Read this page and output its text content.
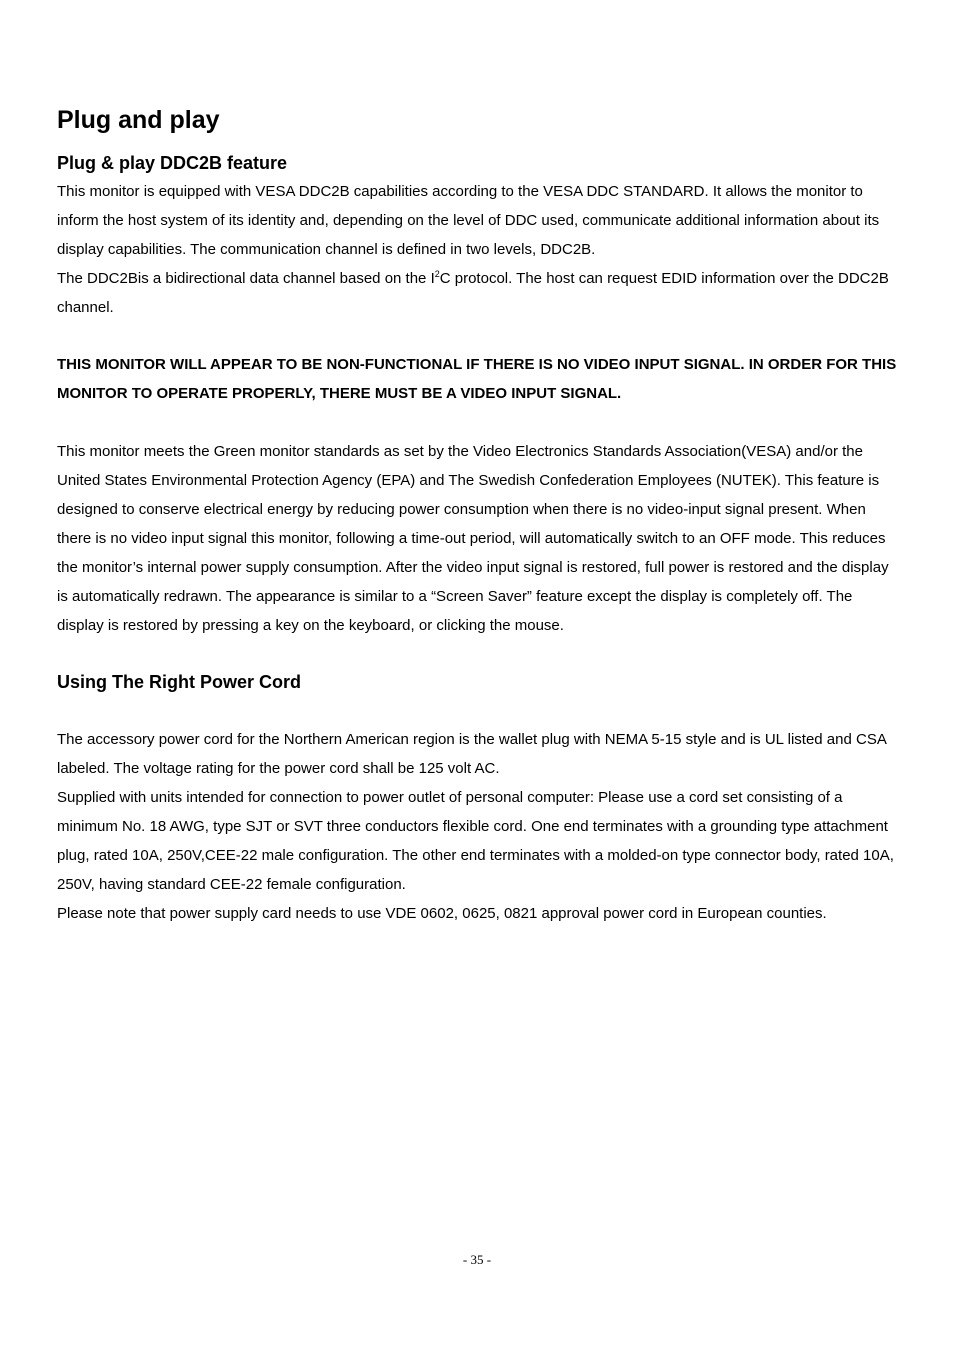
Plug and play
Plug & play DDC2B feature

This monitor is equipped with VESA DDC2B capabilities according to the VESA DDC STANDARD. It allows the monitor to inform the host system of its identity and, depending on the level of DDC used, communicate additional information about its display capabilities. The communication channel is defined in two levels, DDC2B.

The DDC2Bis a bidirectional data channel based on the $I^2C$ protocol. The host can request EDID information over the DDC2B channel.

THIS MONITOR WILL APPEAR TO BE NON-FUNCTIONAL IF THERE IS NO VIDEO INPUT SIGNAL. IN ORDER FOR THIS MONITOR TO OPERATE PROPERLY, THERE MUST BE A VIDEO INPUT SIGNAL.

This monitor meets the Green monitor standards as set by the Video Electronics Standards Association(VESA) and/or the United States Environmental Protection Agency (EPA) and The Swedish Confederation Employees (NUTEK). This feature is designed to conserve electrical energy by reducing power consumption when there is no video-input signal present. When there is no video input signal this monitor, following a time-out period, will automatically switch to an OFF mode. This reduces the monitor’s internal power supply consumption. After the video input signal is restored, full power is restored and the display is automatically redrawn. The appearance is similar to a “Screen Saver” feature except the display is completely off. The display is restored by pressing a key on the keyboard, or clicking the mouse.

Using The Right Power Cord

The accessory power cord for the Northern American region is the wallet plug with NEMA 5-15 style and is UL listed and CSA labeled. The voltage rating for the power cord shall be 125 volt AC.

Supplied with units intended for connection to power outlet of personal computer: Please use a cord set consisting of a minimum No. 18 AWG, type SJT or SVT three conductors flexible cord. One end terminates with a grounding type attachment plug, rated 10A, 250V,CEE-22 male configuration. The other end terminates with a molded-on type connector body, rated 10A, 250V, having standard CEE-22 female configuration.

Please note that power supply card needs to use VDE 0602, 0625, 0821 approval power cord in European counties.

- 35 -
